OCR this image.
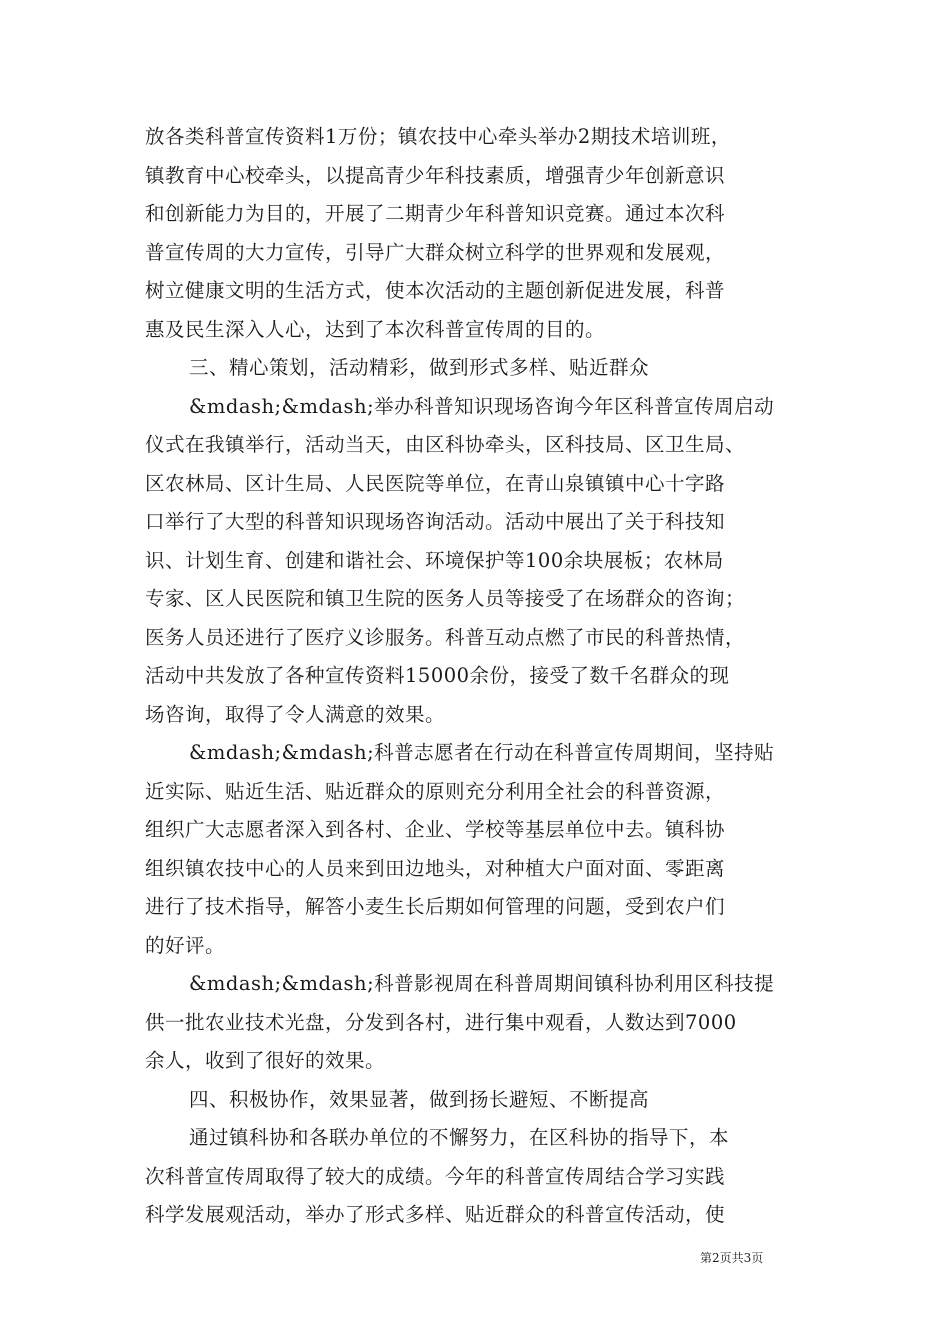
放各类科普宣传资料1万份；镇农技中心牵头举办2期技术培训班，
镇教育中心校牵头，以提高青少年科技素质，增强青少年创新意识
和创新能力为目的，开展了二期青少年科普知识竞赛。通过本次科
普宣传周的大力宣传，引导广大群众树立科学的世界观和发展观，
树立健康文明的生活方式，使本次活动的主题创新促进发展，科普
惠及民生深入人心，达到了本次科普宣传周的目的。
三、精心策划，活动精彩，做到形式多样、贴近群众
&mdash;&mdash;举办科普知识现场咨询今年区科普宣传周启动
仪式在我镇举行，活动当天，由区科协牵头，区科技局、区卫生局、
区农林局、区计生局、人民医院等单位，在青山泉镇镇中心十字路
口举行了大型的科普知识现场咨询活动。活动中展出了关于科技知
识、计划生育、创建和谐社会、环境保护等100余块展板；农林局
专家、区人民医院和镇卫生院的医务人员等接受了在场群众的咨询；
医务人员还进行了医疗义诊服务。科普互动点燃了市民的科普热情，
活动中共发放了各种宣传资料15000余份，接受了数千名群众的现
场咨询，取得了令人满意的效果。
&mdash;&mdash;科普志愿者在行动在科普宣传周期间，坚持贴
近实际、贴近生活、贴近群众的原则充分利用全社会的科普资源，
组织广大志愿者深入到各村、企业、学校等基层单位中去。镇科协
组织镇农技中心的人员来到田边地头，对种植大户面对面、零距离
进行了技术指导，解答小麦生长后期如何管理的问题，受到农户们
的好评。
&mdash;&mdash;科普影视周在科普周期间镇科协利用区科技提
供一批农业技术光盘，分发到各村，进行集中观看，人数达到7000
余人，收到了很好的效果。
四、积极协作，效果显著，做到扬长避短、不断提高
通过镇科协和各联办单位的不懈努力，在区科协的指导下，本
次科普宣传周取得了较大的成绩。今年的科普宣传周结合学习实践
科学发展观活动，举办了形式多样、贴近群众的科普宣传活动，使
第2页共3页
